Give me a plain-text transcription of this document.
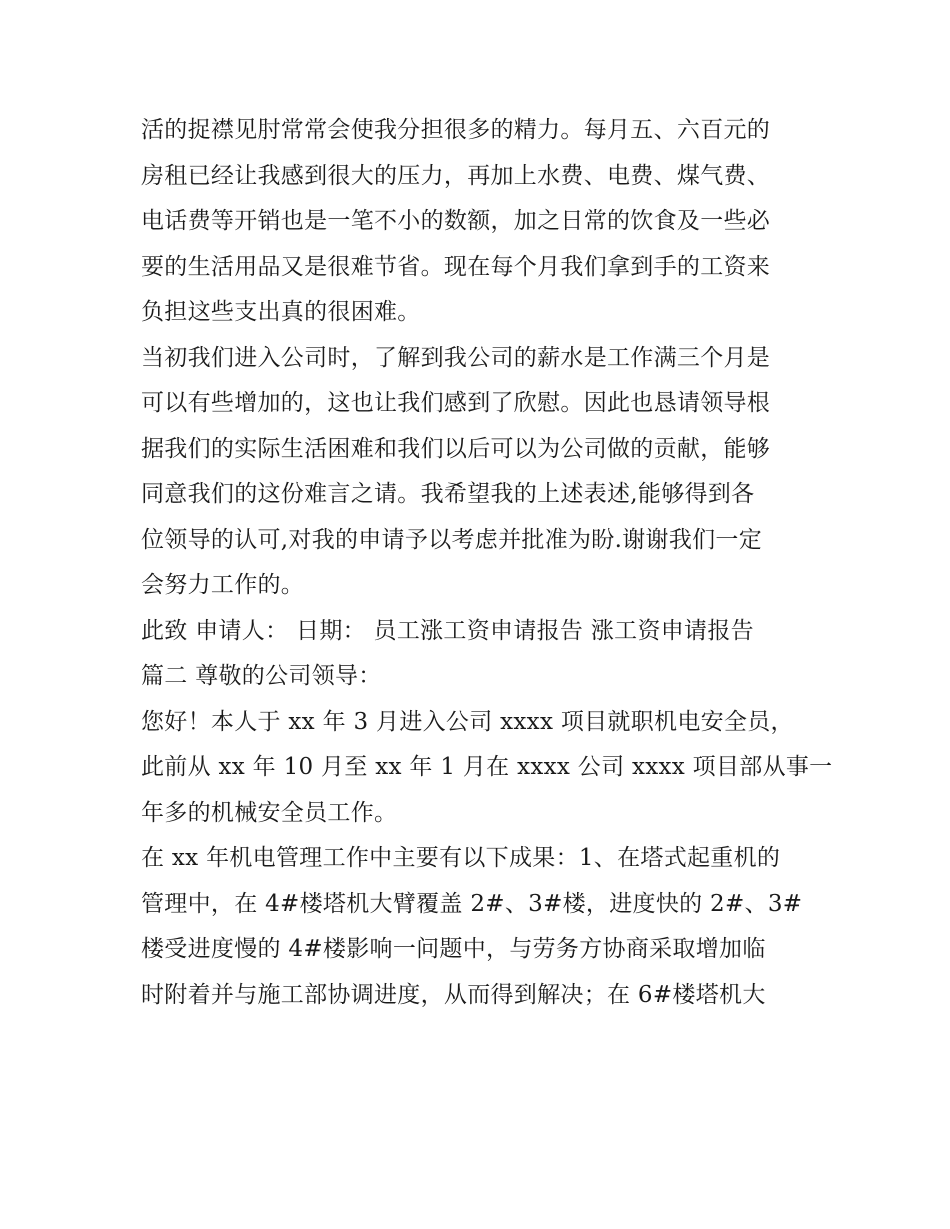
活的捉襟见肘常常会使我分担很多的精力。每月五、六百元的
房租已经让我感到很大的压力，再加上水费、电费、煤气费、
电话费等开销也是一笔不小的数额，加之日常的饮食及一些必
要的生活用品又是很难节省。现在每个月我们拿到手的工资来
负担这些支出真的很困难。

当初我们进入公司时，了解到我公司的薪水是工作满三个月是
可以有些增加的，这也让我们感到了欣慰。因此也恳请领导根
据我们的实际生活困难和我们以后可以为公司做的贡献，能够
同意我们的这份难言之请。我希望我的上述表述,能够得到各
位领导的认可,对我的申请予以考虑并批准为盼.谢谢我们一定
会努力工作的。

此致 申请人： 日期： 员工涨工资申请报告 涨工资申请报告
篇二 尊敬的公司领导：

您好！本人于 xx 年 3 月进入公司 xxxx 项目就职机电安全员，
此前从 xx 年 10 月至 xx 年 1 月在 xxxx 公司 xxxx 项目部从事一
年多的机械安全员工作。

在 xx 年机电管理工作中主要有以下成果：1、在塔式起重机的
管理中，在 4#楼塔机大臂覆盖 2#、3#楼，进度快的 2#、3#
楼受进度慢的 4#楼影响一问题中，与劳务方协商采取增加临
时附着并与施工部协调进度，从而得到解决；在 6#楼塔机大
